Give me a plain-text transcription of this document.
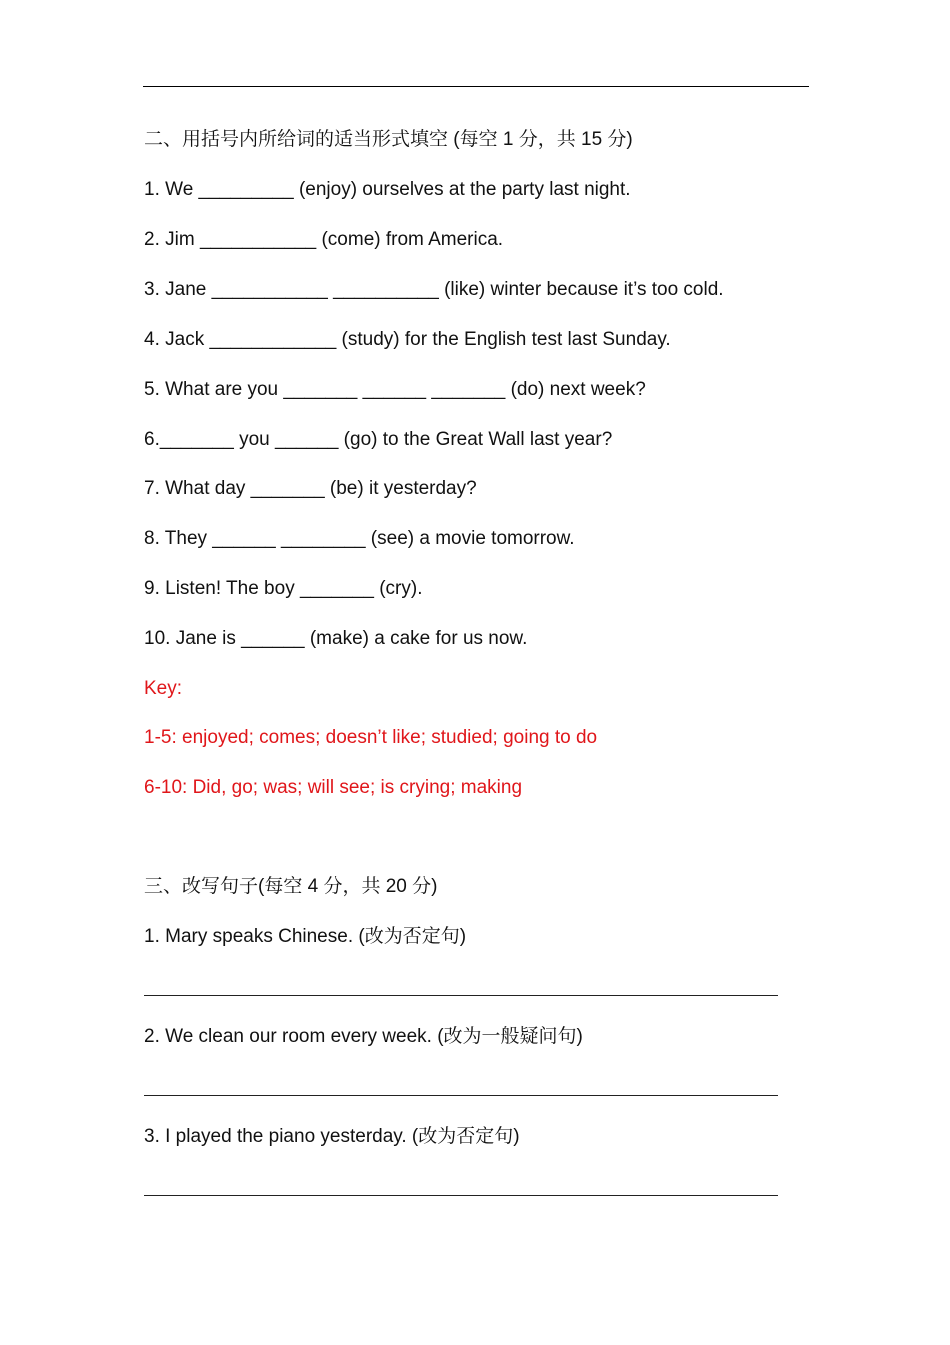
二、用括号内所给词的适当形式填空 (每空 1 分，共 15 分)
1. We _________ (enjoy) ourselves at the party last night.
2. Jim ___________ (come) from America.
3. Jane ___________ __________ (like) winter because it’s too cold.
4. Jack ____________ (study) for the English test last Sunday.
5. What are you _______ ______ _______ (do) next week?
6._______ you ______ (go) to the Great Wall last year?
7. What day _______ (be) it yesterday?
8. They ______ ________ (see) a movie tomorrow.
9. Listen! The boy _______ (cry).
10. Jane is ______ (make) a cake for us now.
Key:
1-5: enjoyed; comes; doesn’t like; studied; going to do
6-10: Did, go; was; will see; is crying; making
三、改写句子(每空 4 分，共 20 分)
1. Mary speaks Chinese. (改为否定句)
2. We clean our room every week. (改为一般疑问句)
3. I played the piano yesterday. (改为否定句)
